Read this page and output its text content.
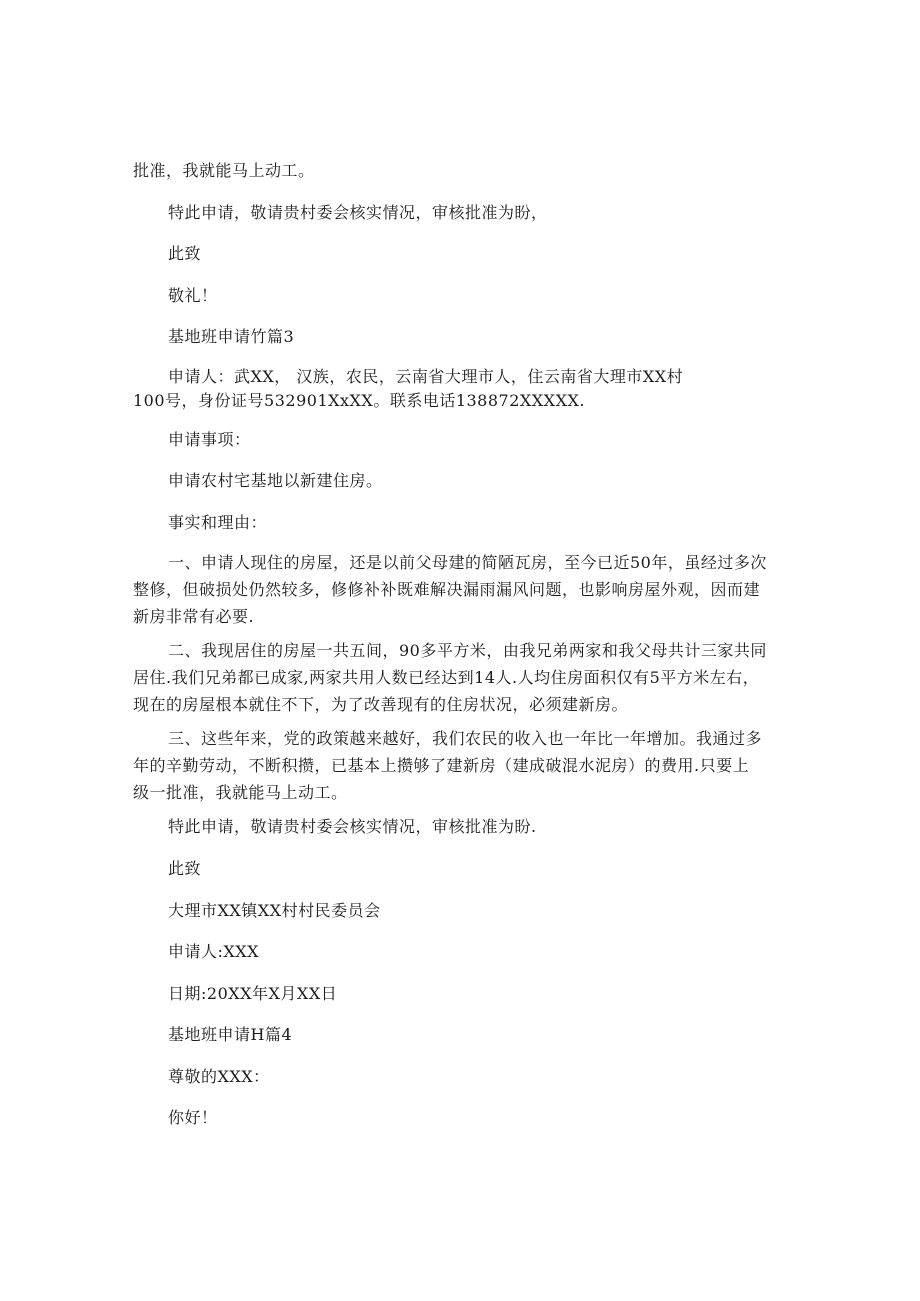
批准，我就能马上动工。
特此申请，敬请贵村委会核实情况，审核批准为盼，
此致
敬礼！
基地班申请竹篇3
申请人：武XX， 汉族，农民，云南省大理市人，住云南省大理市XX村
100号，身份证号532901XxXX。联系电话138872XXXXX.
申请事项：
申请农村宅基地以新建住房。
事实和理由：
一、申请人现住的房屋，还是以前父母建的简陋瓦房，至今已近50年，虽经过多次
整修，但破损处仍然较多，修修补补既难解决漏雨漏风问题，也影响房屋外观，因而建
新房非常有必要.
二、我现居住的房屋一共五间，90多平方米，由我兄弟两家和我父母共计三家共同
居住.我们兄弟都已成家,两家共用人数已经达到14人.人均住房面积仅有5平方米左右，
现在的房屋根本就住不下，为了改善现有的住房状况，必须建新房。
三、这些年来，党的政策越来越好，我们农民的收入也一年比一年增加。我通过多
年的辛勤劳动，不断积攒，已基本上攒够了建新房（建成破混水泥房）的费用.只要上
级一批准，我就能马上动工。
特此申请，敬请贵村委会核实情况，审核批准为盼.
此致
大理市XX镇XX村村民委员会
申请人:XXX
日期:20XX年X月XX日
基地班申请H篇4
尊敬的XXX：
你好！
